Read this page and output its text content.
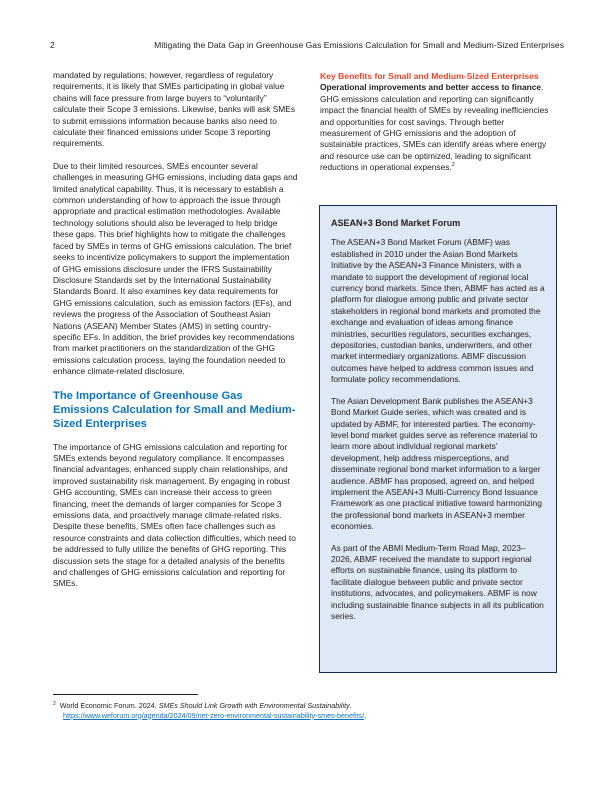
2	Mitigating the Data Gap in Greenhouse Gas Emissions Calculation for Small and Medium-Sized Enterprises

mandated by regulations; however, regardless of regulatory requirements, it is likely that SMEs participating in global value chains will face pressure from large buyers to “voluntarily” calculate their Scope 3 emissions. Likewise, banks will ask SMEs to submit emissions information because banks also need to calculate their financed emissions under Scope 3 reporting requirements.

Due to their limited resources, SMEs encounter several challenges in measuring GHG emissions, including data gaps and limited analytical capability. Thus, it is necessary to establish a common understanding of how to approach the issue through appropriate and practical estimation methodologies. Available technology solutions should also be leveraged to help bridge these gaps. This brief highlights how to mitigate the challenges faced by SMEs in terms of GHG emissions calculation. The brief seeks to incentivize policymakers to support the implementation of GHG emissions disclosure under the IFRS Sustainability Disclosure Standards set by the International Sustainability Standards Board. It also examines key data requirements for GHG emissions calculation, such as emission factors (EFs), and reviews the progress of the Association of Southeast Asian Nations (ASEAN) Member States (AMS) in setting country-specific EFs. In addition, the brief provides key recommendations from market practitioners on the standardization of the GHG emissions calculation process, laying the foundation needed to enhance climate-related disclosure.

The Importance of Greenhouse Gas Emissions Calculation for Small and Medium-Sized Enterprises

The importance of GHG emissions calculation and reporting for SMEs extends beyond regulatory compliance. It encompasses financial advantages, enhanced supply chain relationships, and improved sustainability risk management. By engaging in robust GHG accounting, SMEs can increase their access to green financing, meet the demands of larger companies for Scope 3 emissions data, and proactively manage climate-related risks. Despite these benefits, SMEs often face challenges such as resource constraints and data collection difficulties, which need to be addressed to fully utilize the benefits of GHG reporting. This discussion sets the stage for a detailed analysis of the benefits and challenges of GHG emissions calculation and reporting for SMEs.

Key Benefits for Small and Medium-Sized Enterprises

Operational improvements and better access to finance. GHG emissions calculation and reporting can significantly impact the financial health of SMEs by revealing inefficiencies and opportunities for cost savings. Through better measurement of GHG emissions and the adoption of sustainable practices, SMEs can identify areas where energy and resource use can be optimized, leading to significant reductions in operational expenses.$^2$

ASEAN+3 Bond Market Forum

The ASEAN+3 Bond Market Forum (ABMF) was established in 2010 under the Asian Bond Markets Initiative by the ASEAN+3 Finance Ministers, with a mandate to support the development of regional local currency bond markets. Since then, ABMF has acted as a platform for dialogue among public and private sector stakeholders in regional bond markets and promoted the exchange and evaluation of ideas among finance ministries, securities regulators, securities exchanges, depositories, custodian banks, underwriters, and other market intermediary organizations. ABMF discussion outcomes have helped to address common issues and formulate policy recommendations.

The Asian Development Bank publishes the ASEAN+3 Bond Market Guide series, which was created and is updated by ABMF, for interested parties. The economy-level bond market guides serve as reference material to learn more about individual regional markets’ development, help address misperceptions, and disseminate regional bond market information to a larger audience. ABMF has proposed, agreed on, and helped implement the ASEAN+3 Multi-Currency Bond Issuance Framework as one practical initiative toward harmonizing the professional bond markets in ASEAN+3 member economies.

As part of the ABMI Medium-Term Road Map, 2023–2026, ABMF received the mandate to support regional efforts on sustainable finance, using its platform to facilitate dialogue between public and private sector institutions, advocates, and policymakers. ABMF is now including sustainable finance subjects in all its publication series.

$^2$ World Economic Forum. 2024. SMEs Should Link Growth with Environmental Sustainability.
https://www.weforum.org/agenda/2024/09/net-zero-environmental-sustainability-smes-benefits/.
